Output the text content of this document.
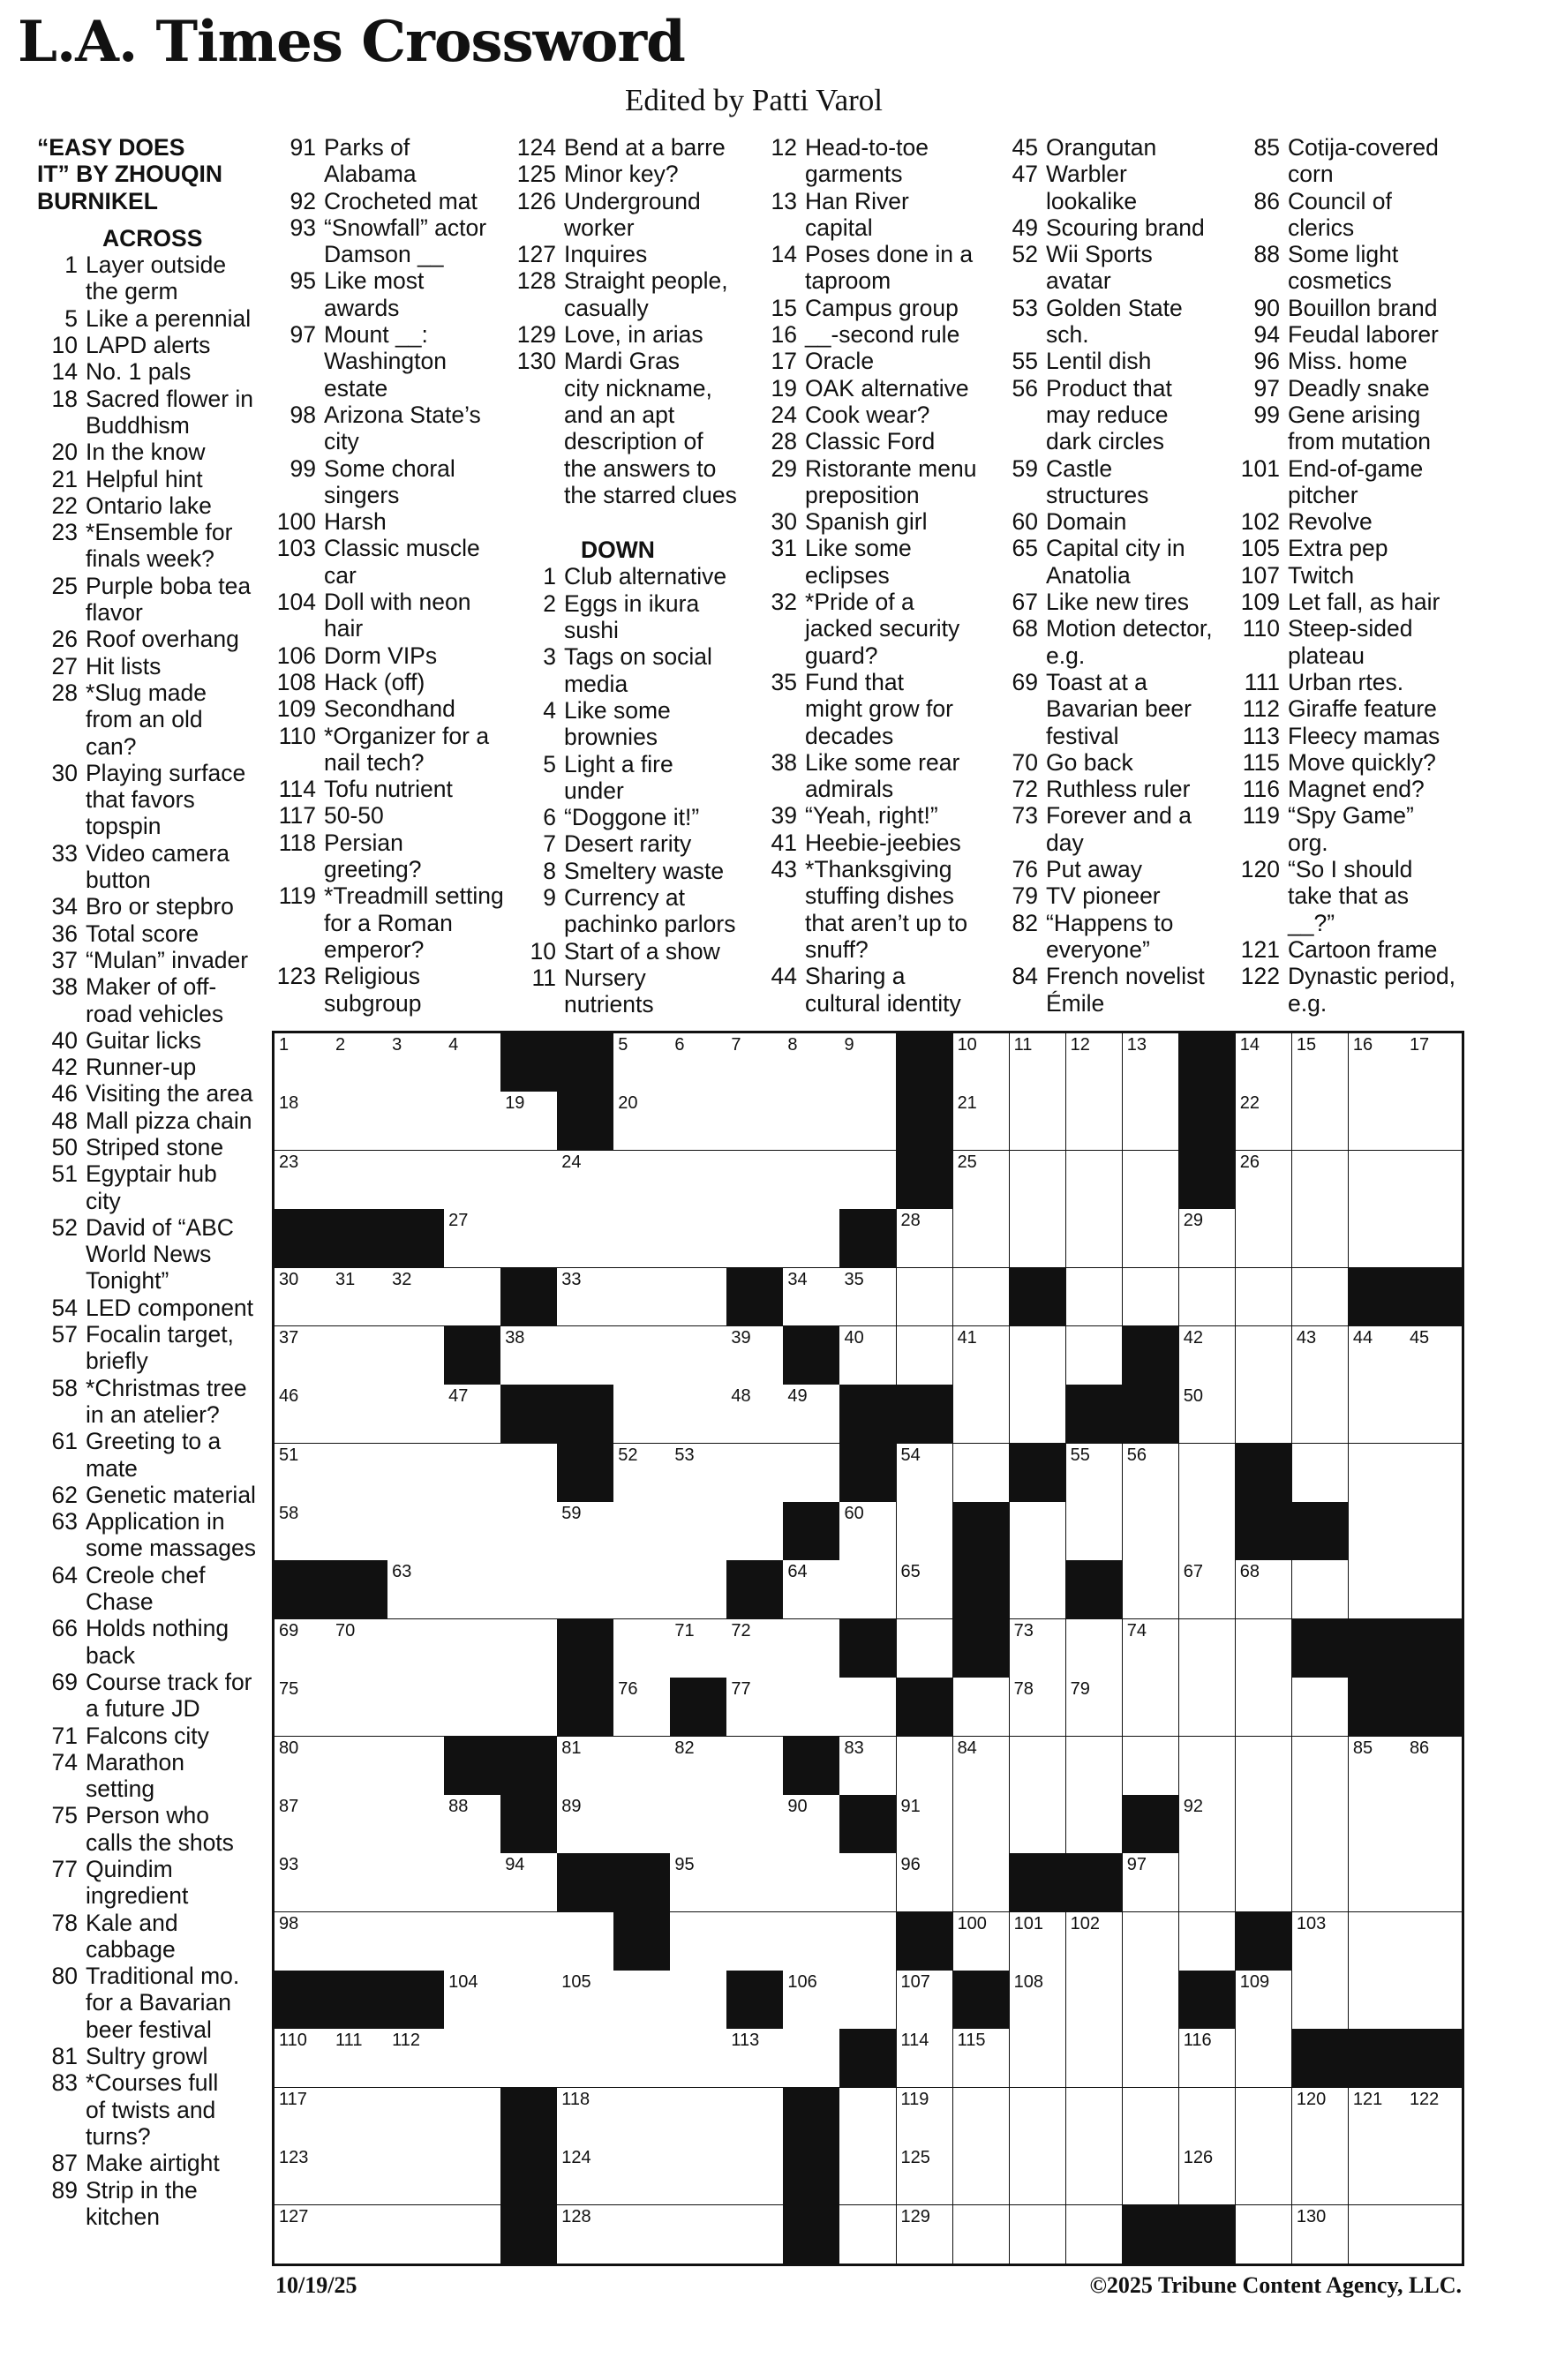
L.A. Times Crossword
Edited by Patti Varol
“EASY DOES
IT” BY ZHOUQIN
BURNIKEL
ACROSS
1 Layer outside
the germ
5 Like a perennial
10 LAPD alerts
14 No. 1 pals
18 Sacred flower in
Buddhism
20 In the know
21 Helpful hint
22 Ontario lake
23 *Ensemble for
finals week?
25 Purple boba tea
flavor
26 Roof overhang
27 Hit lists
28 *Slug made
from an old
can?
30 Playing surface
that favors
topspin
33 Video camera
button
34 Bro or stepbro
36 Total score
37 “Mulan” invader
38 Maker of off-
road vehicles
40 Guitar licks
42 Runner-up
46 Visiting the area
48 Mall pizza chain
50 Striped stone
51 Egyptair hub
city
52 David of “ABC
World News
Tonight”
54 LED component
57 Focalin target,
briefly
58 *Christmas tree
in an atelier?
61 Greeting to a
mate
62 Genetic material
63 Application in
some massages
64 Creole chef
Chase
66 Holds nothing
back
69 Course track for
a future JD
71 Falcons city
74 Marathon
setting
75 Person who
calls the shots
77 Quindim
ingredient
78 Kale and
cabbage
80 Traditional mo.
for a Bavarian
beer festival
81 Sultry growl
83 *Courses full
of twists and
turns?
87 Make airtight
89 Strip in the
kitchen
91 Parks of
Alabama
92 Crocheted mat
93 “Snowfall” actor
Damson __
95 Like most
awards
97 Mount __:
Washington
estate
98 Arizona State’s
city
99 Some choral
singers
100 Harsh
103 Classic muscle
car
104 Doll with neon
hair
106 Dorm VIPs
108 Hack (off)
109 Secondhand
110 *Organizer for a
nail tech?
114 Tofu nutrient
117 50-50
118 Persian
greeting?
119 *Treadmill setting
for a Roman
emperor?
123 Religious
subgroup
124 Bend at a barre
125 Minor key?
126 Underground
worker
127 Inquires
128 Straight people,
casually
129 Love, in arias
130 Mardi Gras
city nickname,
and an apt
description of
the answers to
the starred clues
DOWN
1 Club alternative
2 Eggs in ikura
sushi
3 Tags on social
media
4 Like some
brownies
5 Light a fire
under
6 “Doggone it!”
7 Desert rarity
8 Smeltery waste
9 Currency at
pachinko parlors
10 Start of a show
11 Nursery
nutrients
12 Head-to-toe
garments
13 Han River
capital
14 Poses done in a
taproom
15 Campus group
16 __-second rule
17 Oracle
19 OAK alternative
24 Cook wear?
28 Classic Ford
29 Ristorante menu
preposition
30 Spanish girl
31 Like some
eclipses
32 *Pride of a
jacked security
guard?
35 Fund that
might grow for
decades
38 Like some rear
admirals
39 “Yeah, right!”
41 Heebie-jeebies
43 *Thanksgiving
stuffing dishes
that aren’t up to
snuff?
44 Sharing a
cultural identity
45 Orangutan
47 Warbler
lookalike
49 Scouring brand
52 Wii Sports
avatar
53 Golden State
sch.
55 Lentil dish
56 Product that
may reduce
dark circles
59 Castle
structures
60 Domain
65 Capital city in
Anatolia
67 Like new tires
68 Motion detector,
e.g.
69 Toast at a
Bavarian beer
festival
70 Go back
72 Ruthless ruler
73 Forever and a
day
76 Put away
79 TV pioneer
82 “Happens to
everyone”
84 French novelist
Émile
85 Cotija-covered
corn
86 Council of
clerics
88 Some light
cosmetics
90 Bouillon brand
94 Feudal laborer
96 Miss. home
97 Deadly snake
99 Gene arising
from mutation
101 End-of-game
pitcher
102 Revolve
105 Extra pep
107 Twitch
109 Let fall, as hair
110 Steep-sided
plateau
111 Urban rtes.
112 Giraffe feature
113 Fleecy mamas
115 Move quickly?
116 Magnet end?
119 “Spy Game”
org.
120 “So I should
take that as
__?”
121 Cartoon frame
122 Dynastic period,
e.g.
1	2	3	4	5	6	7	8	9	10 11 12 13	14 15 16 17
18	19	20	21	22
23	24	25	26
27	28	29
30 31 32	33	34 35
37	38	39	40	41	42	43 44 45
46	47	48 49	50
51	52 53	54	55 56
58	59	60
63	64	65	67 68
69 70	71 72	73	74
75	76	77	78 79
80	81	82	83	84	85 86
87	88	89	90	91	92
93	94	95	96	97
98	100 101 102	103
104	105	106	107	108	109
110 111 112	113	114 115	116
117	118	119	120 121 122
123	124	125	126
127	128	129	130
10/19/25	©2025 Tribune Content Agency, LLC.
